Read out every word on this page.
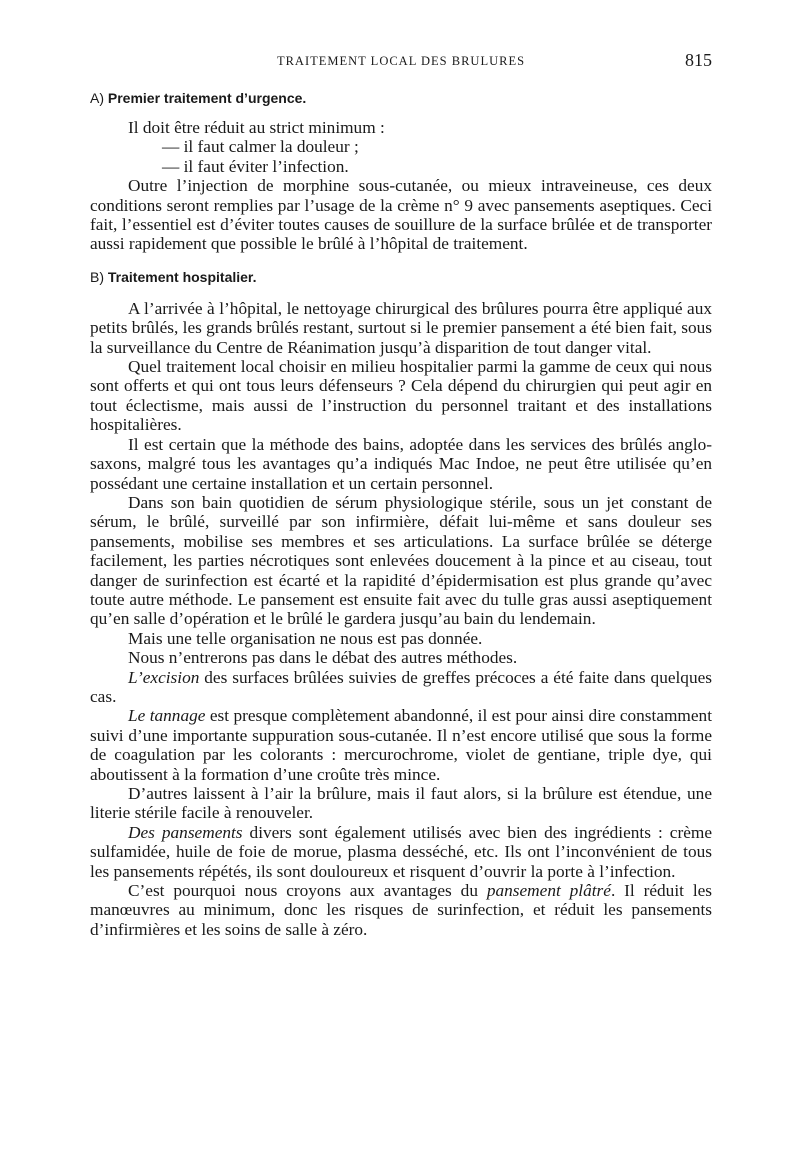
TRAITEMENT LOCAL DES BRULURES	815
A) Premier traitement d’urgence.

Il doit être réduit au strict minimum :

— il faut calmer la douleur ;

— il faut éviter l’infection.

Outre l’injection de morphine sous-cutanée, ou mieux intraveineuse, ces deux conditions seront remplies par l’usage de la crème n° 9 avec pansements aseptiques. Ceci fait, l’essentiel est d’éviter toutes causes de souillure de la surface brûlée et de transporter aussi rapidement que possible le brûlé à l’hôpital de traitement.

B) Traitement hospitalier.

A l’arrivée à l’hôpital, le nettoyage chirurgical des brûlures pourra être appliqué aux petits brûlés, les grands brûlés restant, surtout si le premier pansement a été bien fait, sous la surveillance du Centre de Réanimation jusqu’à disparition de tout danger vital.

Quel traitement local choisir en milieu hospitalier parmi la gamme de ceux qui nous sont offerts et qui ont tous leurs défenseurs ? Cela dépend du chirurgien qui peut agir en tout éclectisme, mais aussi de l’instruction du personnel traitant et des installations hospitalières.

Il est certain que la méthode des bains, adoptée dans les services des brûlés anglo-saxons, malgré tous les avantages qu’a indiqués Mac Indoe, ne peut être utilisée qu’en possédant une certaine installation et un certain personnel.

Dans son bain quotidien de sérum physiologique stérile, sous un jet constant de sérum, le brûlé, surveillé par son infirmière, défait lui-même et sans douleur ses pansements, mobilise ses membres et ses articulations. La surface brûlée se déterge facilement, les parties nécrotiques sont enlevées doucement à la pince et au ciseau, tout danger de surinfection est écarté et la rapidité d’épidermisation est plus grande qu’avec toute autre méthode. Le pansement est ensuite fait avec du tulle gras aussi aseptiquement qu’en salle d’opération et le brûlé le gardera jusqu’au bain du lendemain.

Mais une telle organisation ne nous est pas donnée.

Nous n’entrerons pas dans le débat des autres méthodes.

L’excision des surfaces brûlées suivies de greffes précoces a été faite dans quelques cas.

Le tannage est presque complètement abandonné, il est pour ainsi dire constamment suivi d’une importante suppuration sous-cutanée. Il n’est encore utilisé que sous la forme de coagulation par les colorants : mercurochrome, violet de gentiane, triple dye, qui aboutissent à la formation d’une croûte très mince.

D’autres laissent à l’air la brûlure, mais il faut alors, si la brûlure est étendue, une literie stérile facile à renouveler.

Des pansements divers sont également utilisés avec bien des ingrédients : crème sulfamidée, huile de foie de morue, plasma desséché, etc. Ils ont l’inconvénient de tous les pansements répétés, ils sont douloureux et risquent d’ouvrir la porte à l’infection.

C’est pourquoi nous croyons aux avantages du pansement plâtré. Il réduit les manœuvres au minimum, donc les risques de surinfection, et réduit les pansements d’infirmières et les soins de salle à zéro.
